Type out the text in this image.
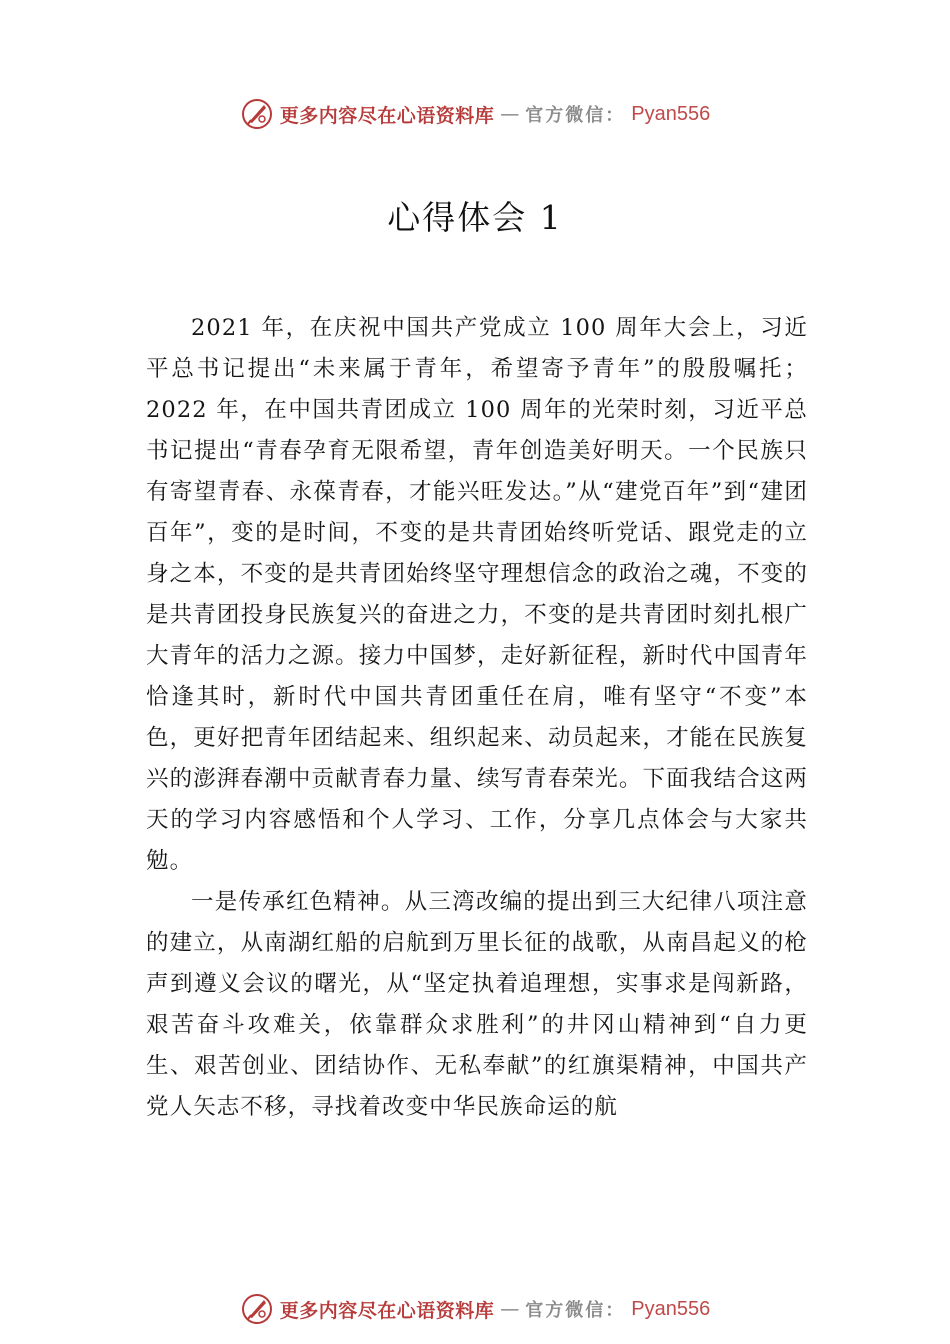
更多内容尽在心语资料库 — 官方微信： Pyan556
心得体会 1

2021 年，在庆祝中国共产党成立 100 周年大会上，习近平总书记提出“未来属于青年，希望寄予青年”的殷殷嘱托；2022 年，在中国共青团成立 100 周年的光荣时刻，习近平总书记提出“青春孕育无限希望，青年创造美好明天。一个民族只有寄望青春、永葆青春，才能兴旺发达。”从“建党百年”到“建团百年”，变的是时间，不变的是共青团始终听党话、跟党走的立身之本，不变的是共青团始终坚守理想信念的政治之魂，不变的是共青团投身民族复兴的奋进之力，不变的是共青团时刻扎根广大青年的活力之源。接力中国梦，走好新征程，新时代中国青年恰逢其时，新时代中国共青团重任在肩，唯有坚守“不变”本色，更好把青年团结起来、组织起来、动员起来，才能在民族复兴的澎湃春潮中贡献青春力量、续写青春荣光。下面我结合这两天的学习内容感悟和个人学习、工作，分享几点体会与大家共勉。

一是传承红色精神。从三湾改编的提出到三大纪律八项注意的建立，从南湖红船的启航到万里长征的战歌，从南昌起义的枪声到遵义会议的曙光，从“坚定执着追理想，实事求是闯新路，艰苦奋斗攻难关，依靠群众求胜利”的井冈山精神到“自力更生、艰苦创业、团结协作、无私奉献”的红旗渠精神，中国共产党人矢志不移，寻找着改变中华民族命运的航

更多内容尽在心语资料库 — 官方微信： Pyan556
